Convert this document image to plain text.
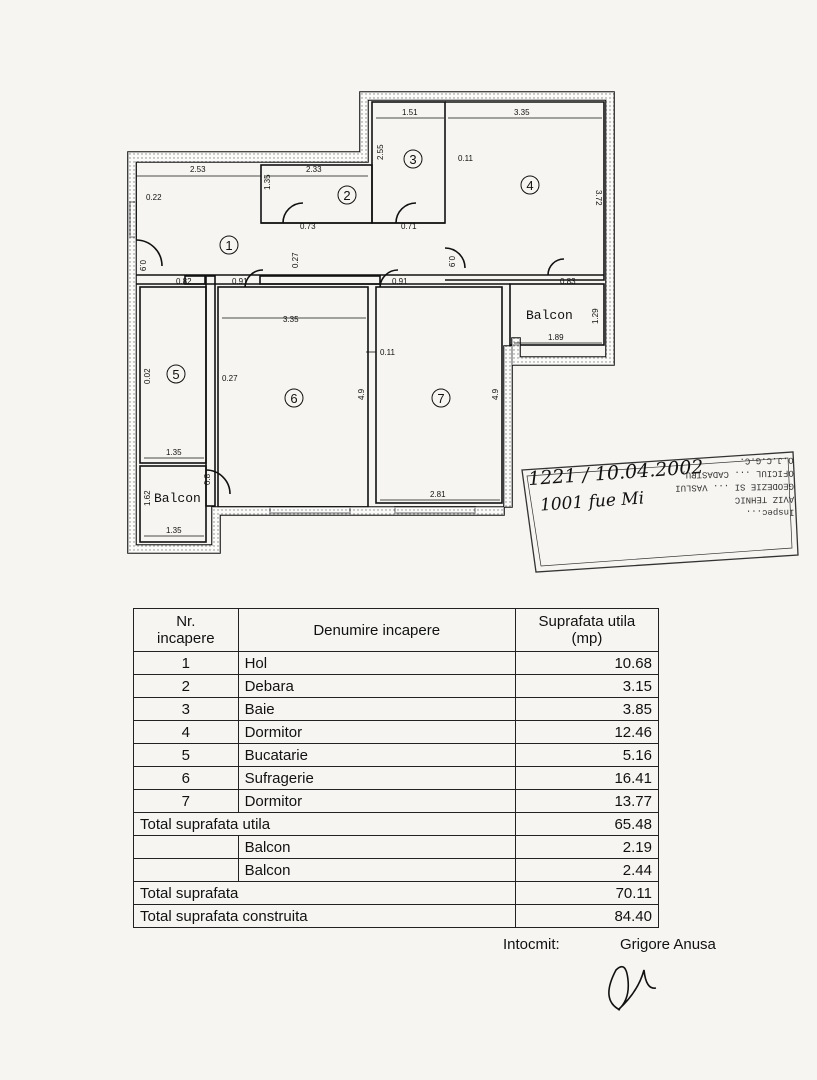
2.53	2.33
1.51	3.35
0.11
0.22
1.35
2.55
3.72
0.73	0.71
0.9	0.27	0.9
0.82	0.91	0.91	0.83
1.29
1.89
3.35
0.11
0.02	0.27
4.9	4.9
1.35
0.8
1.62
1.35
2.81
1
2
3
4
5
6	7
Balcon
Balcon
Inspec...
AVIZ TEHNIC
GEODEZIE SI ... VASLUI
OFICIUL ... CADASTRU,
O.J.C.G.C.
1221 / 10.04.2002
1001 fue Mi
Nr.
incapere	Denumire incapere	Suprafata utila
(mp)
1	Hol	10.68
2	Debara	3.15
3	Baie	3.85
4	Dormitor	12.46
5	Bucatarie	5.16
6	Sufragerie	16.41
7	Dormitor	13.77
Total suprafata utila		65.48
	Balcon	2.19
	Balcon	2.44
Total suprafata		70.11
Total suprafata construita		84.40
Intocmit:	Grigore Anusa
